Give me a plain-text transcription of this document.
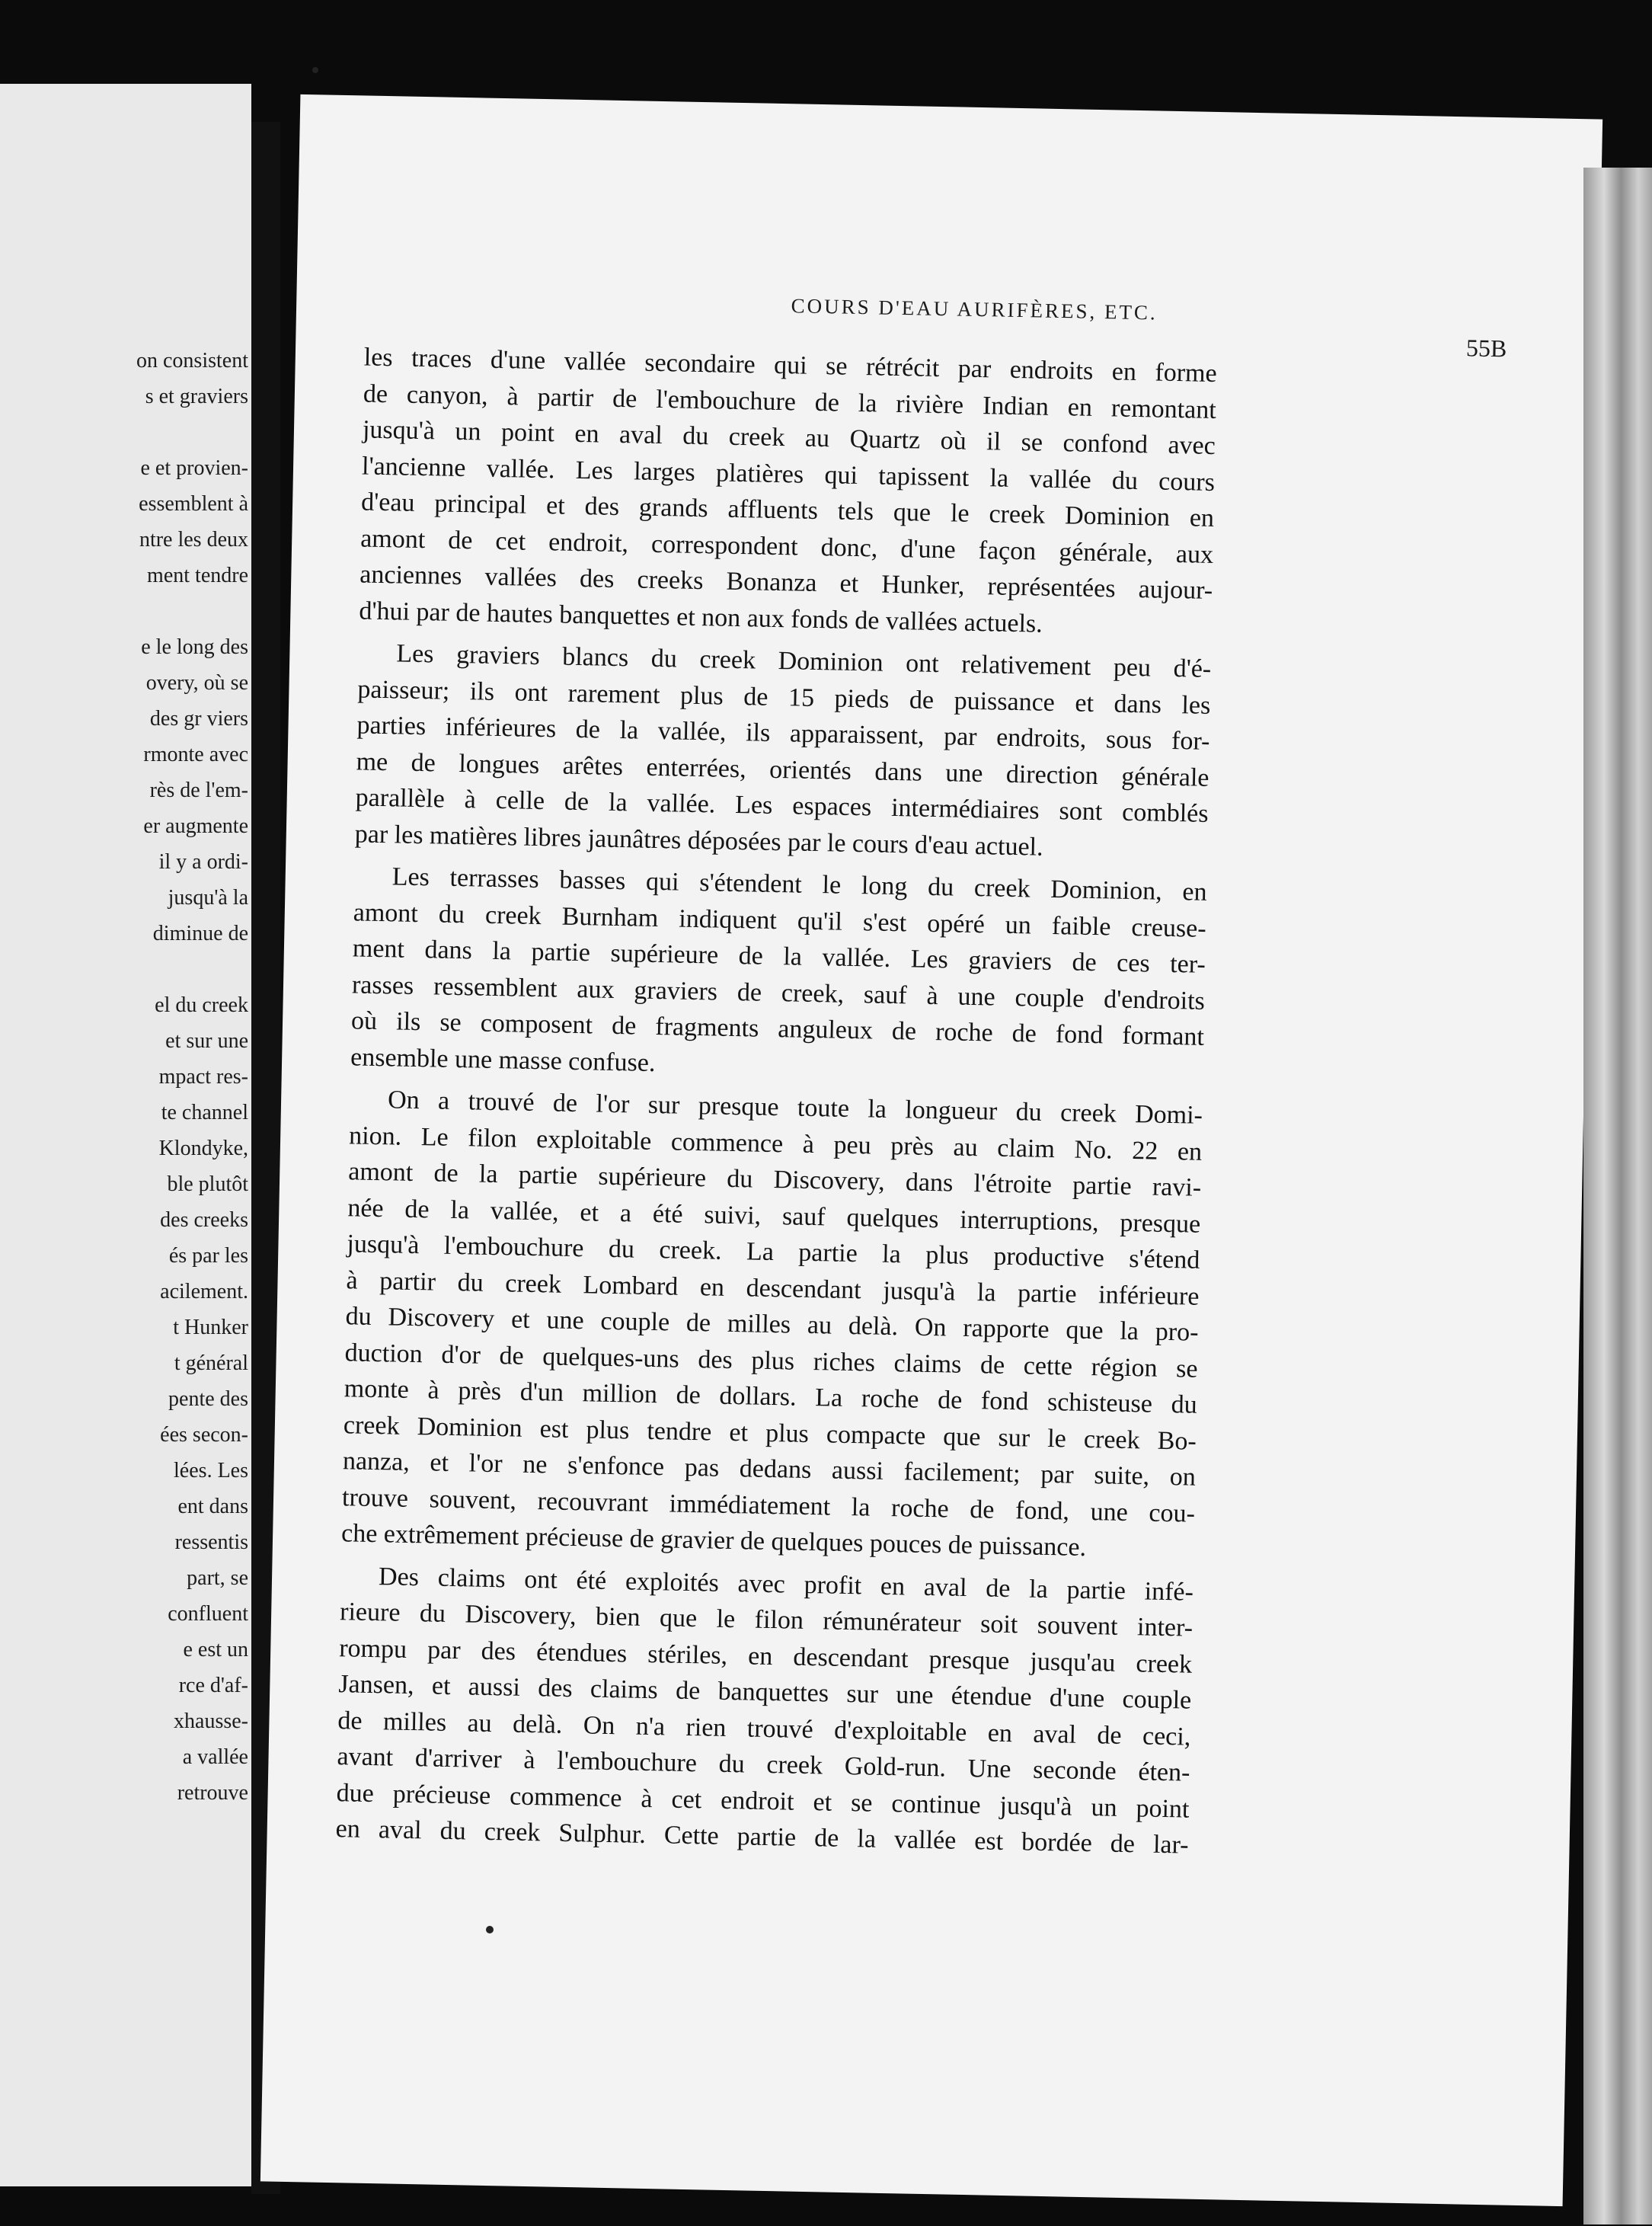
on consistent
s et graviers
e et provien-
essemblent à
ntre les deux
ment tendre
e le long des
overy, où se
des gr viers
rmonte avec
rès de l'em-
er augmente
il y a ordi-
jusqu'à la
diminue de
el du creek
et sur une
mpact res-
te channel
Klondyke,
ble plutôt
des creeks
és par les
acilement.
t Hunker
t général
pente des
ées secon-
lées. Les
ent dans
ressentis
part, se
confluent
e est un
rce d'af-
xhausse-
a vallée
retrouve
COURS D'EAU AURIFÈRES, ETC.
55B
les traces d'une vallée secondaire qui se rétrécit par endroits en forme
de canyon, à partir de l'embouchure de la rivière Indian en remontant
jusqu'à un point en aval du creek au Quartz où il se confond avec
l'ancienne vallée. Les larges platières qui tapissent la vallée du cours
d'eau principal et des grands affluents tels que le creek Dominion en
amont de cet endroit, correspondent donc, d'une façon générale, aux
anciennes vallées des creeks Bonanza et Hunker, représentées aujour-
d'hui par de hautes banquettes et non aux fonds de vallées actuels.
Les graviers blancs du creek Dominion ont relativement peu d'é-
paisseur; ils ont rarement plus de 15 pieds de puissance et dans les
parties inférieures de la vallée, ils apparaissent, par endroits, sous for-
me de longues arêtes enterrées, orientés dans une direction générale
parallèle à celle de la vallée. Les espaces intermédiaires sont comblés
par les matières libres jaunâtres déposées par le cours d'eau actuel.
Les terrasses basses qui s'étendent le long du creek Dominion, en
amont du creek Burnham indiquent qu'il s'est opéré un faible creuse-
ment dans la partie supérieure de la vallée. Les graviers de ces ter-
rasses ressemblent aux graviers de creek, sauf à une couple d'endroits
où ils se composent de fragments anguleux de roche de fond formant
ensemble une masse confuse.
On a trouvé de l'or sur presque toute la longueur du creek Domi-
nion. Le filon exploitable commence à peu près au claim No. 22 en
amont de la partie supérieure du Discovery, dans l'étroite partie ravi-
née de la vallée, et a été suivi, sauf quelques interruptions, presque
jusqu'à l'embouchure du creek. La partie la plus productive s'étend
à partir du creek Lombard en descendant jusqu'à la partie inférieure
du Discovery et une couple de milles au delà. On rapporte que la pro-
duction d'or de quelques-uns des plus riches claims de cette région se
monte à près d'un million de dollars. La roche de fond schisteuse du
creek Dominion est plus tendre et plus compacte que sur le creek Bo-
nanza, et l'or ne s'enfonce pas dedans aussi facilement; par suite, on
trouve souvent, recouvrant immédiatement la roche de fond, une cou-
che extrêmement précieuse de gravier de quelques pouces de puissance.
Des claims ont été exploités avec profit en aval de la partie infé-
rieure du Discovery, bien que le filon rémunérateur soit souvent inter-
rompu par des étendues stériles, en descendant presque jusqu'au creek
Jansen, et aussi des claims de banquettes sur une étendue d'une couple
de milles au delà. On n'a rien trouvé d'exploitable en aval de ceci,
avant d'arriver à l'embouchure du creek Gold-run. Une seconde éten-
due précieuse commence à cet endroit et se continue jusqu'à un point
en aval du creek Sulphur. Cette partie de la vallée est bordée de lar-
